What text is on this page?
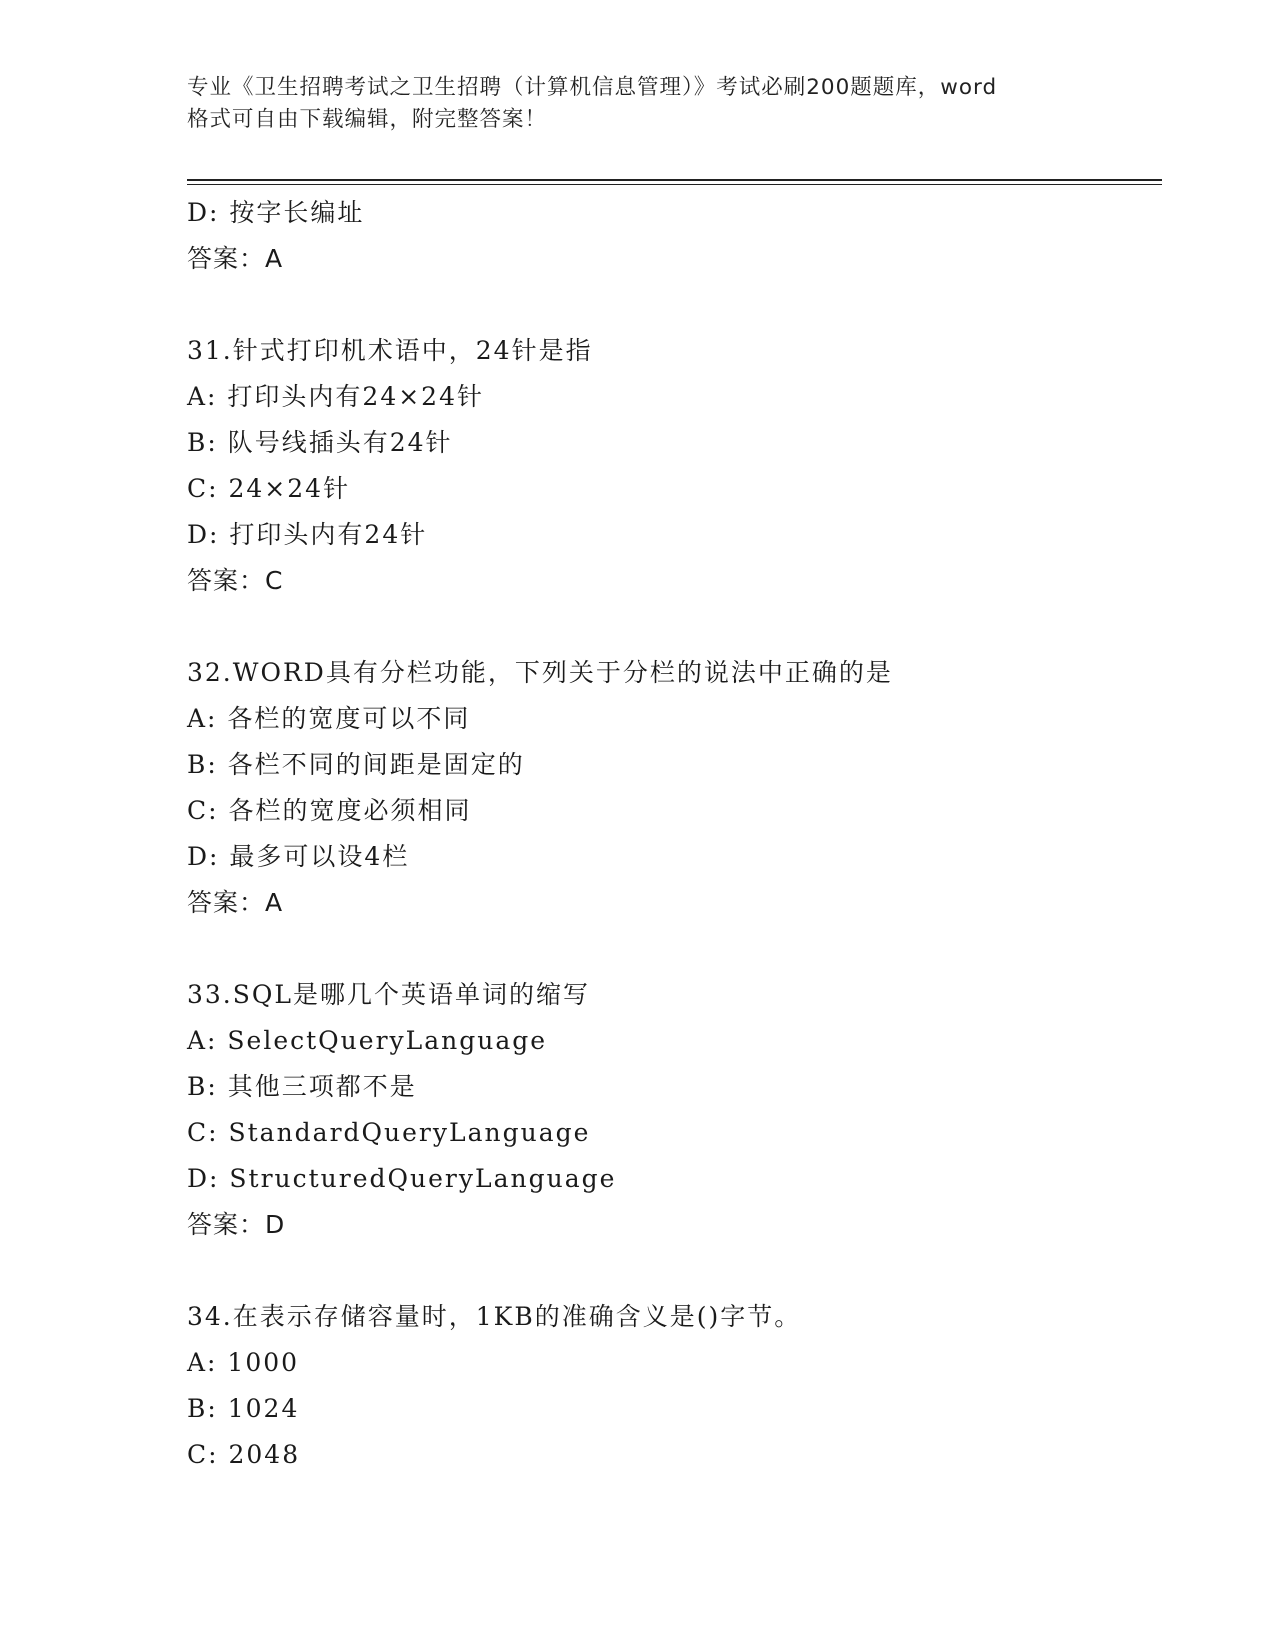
专业《卫生招聘考试之卫生招聘（计算机信息管理）》考试必刷200题题库，word
格式可自由下载编辑，附完整答案！
D: 按字长编址
答案：A
31.针式打印机术语中，24针是指
A: 打印头内有24×24针
B: 队号线插头有24针
C: 24×24针
D: 打印头内有24针
答案：C
32.WORD具有分栏功能，下列关于分栏的说法中正确的是
A: 各栏的宽度可以不同
B: 各栏不同的间距是固定的
C: 各栏的宽度必须相同
D: 最多可以设4栏
答案：A
33.SQL是哪几个英语单词的缩写
A: SelectQueryLanguage
B: 其他三项都不是
C: StandardQueryLanguage
D: StructuredQueryLanguage
答案：D
34.在表示存储容量时，1KB的准确含义是()字节。
A: 1000
B: 1024
C: 2048
